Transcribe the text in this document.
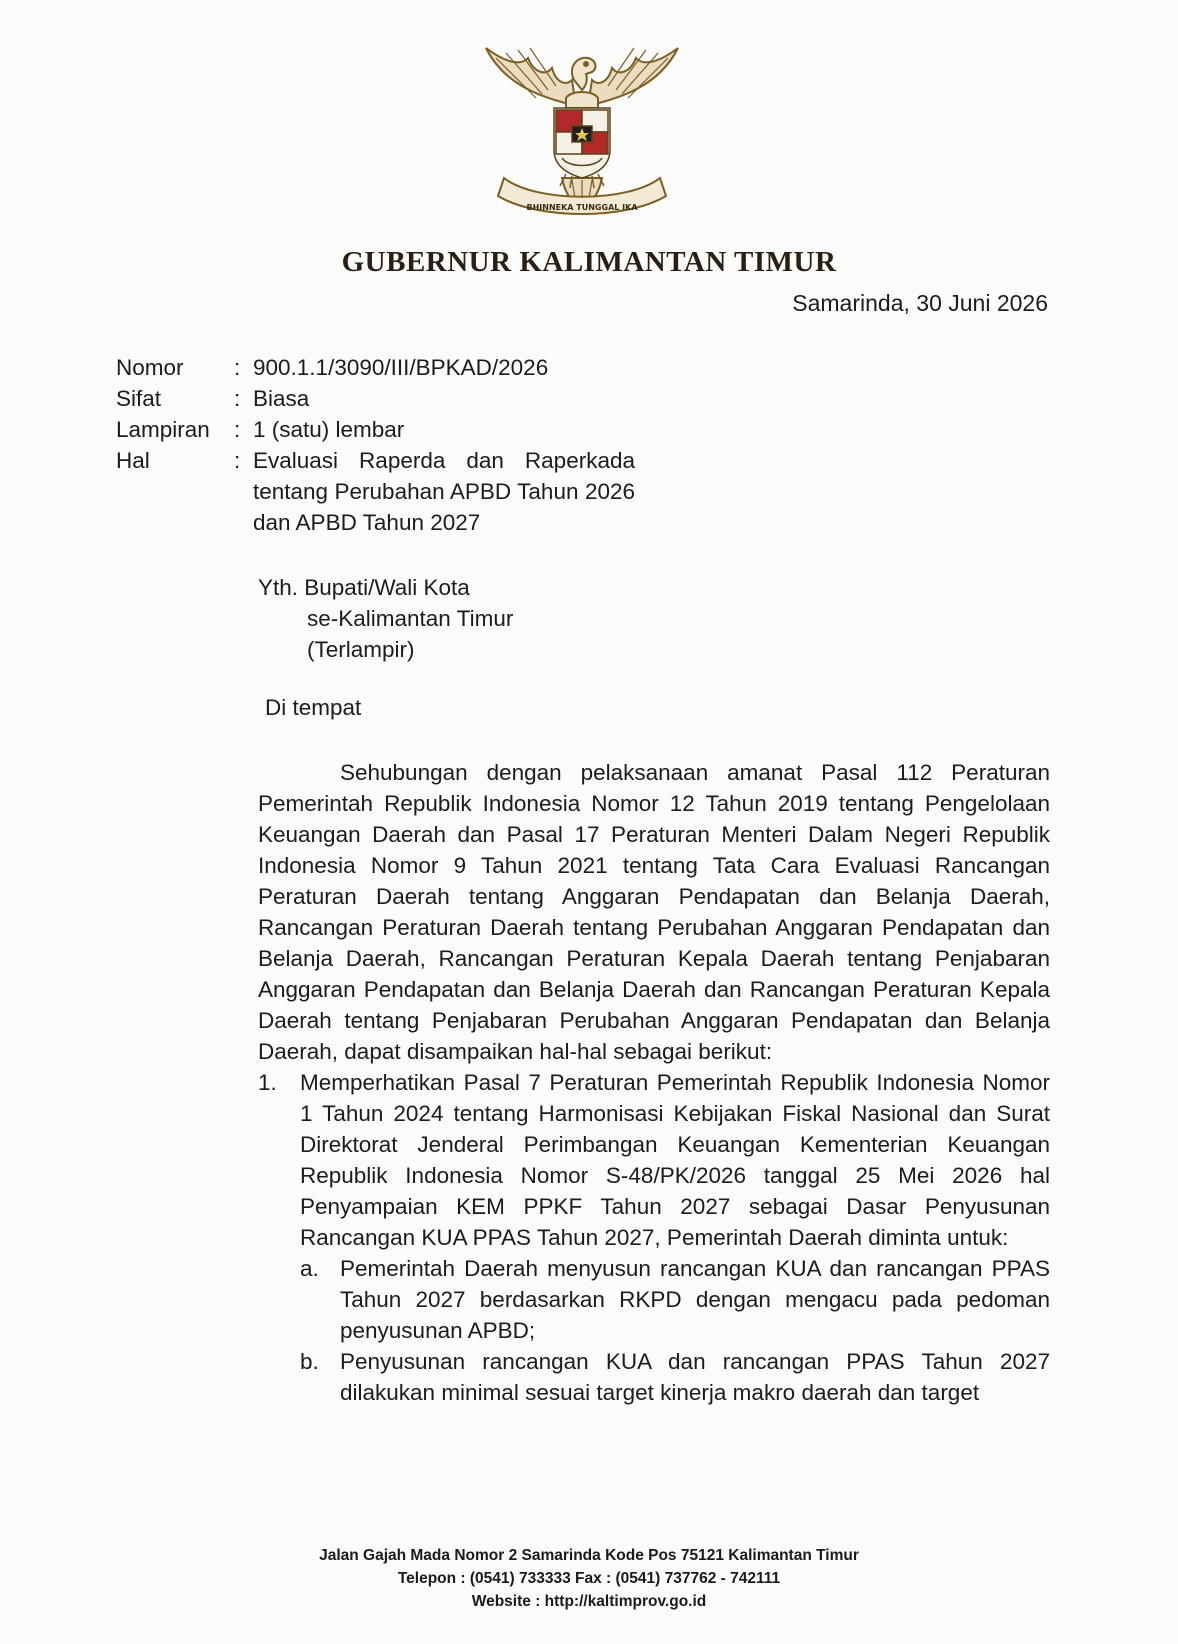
BHINNEKA TUNGGAL IKA
GUBERNUR KALIMANTAN TIMUR
Samarinda, 30 Juni 2026
Nomor	: 900.1.1/3090/III/BPKAD/2026
Sifat	: Biasa
Lampiran	: 1 (satu) lembar
Hal	: Evaluasi Raperda dan Raperkada tentang Perubahan APBD Tahun 2026 dan APBD Tahun 2027
Yth. Bupati/Wali Kota
se-Kalimantan Timur
(Terlampir)
Di tempat

Sehubungan dengan pelaksanaan amanat Pasal 112 Peraturan Pemerintah Republik Indonesia Nomor 12 Tahun 2019 tentang Pengelolaan Keuangan Daerah dan Pasal 17 Peraturan Menteri Dalam Negeri Republik Indonesia Nomor 9 Tahun 2021 tentang Tata Cara Evaluasi Rancangan Peraturan Daerah tentang Anggaran Pendapatan dan Belanja Daerah, Rancangan Peraturan Daerah tentang Perubahan Anggaran Pendapatan dan Belanja Daerah, Rancangan Peraturan Kepala Daerah tentang Penjabaran Anggaran Pendapatan dan Belanja Daerah dan Rancangan Peraturan Kepala Daerah tentang Penjabaran Perubahan Anggaran Pendapatan dan Belanja Daerah, dapat disampaikan hal-hal sebagai berikut:

1.	Memperhatikan Pasal 7 Peraturan Pemerintah Republik Indonesia Nomor 1 Tahun 2024 tentang Harmonisasi Kebijakan Fiskal Nasional dan Surat Direktorat Jenderal Perimbangan Keuangan Kementerian Keuangan Republik Indonesia Nomor S-48/PK/2026 tanggal 25 Mei 2026 hal Penyampaian KEM PPKF Tahun 2027 sebagai Dasar Penyusunan Rancangan KUA PPAS Tahun 2027, Pemerintah Daerah diminta untuk:
a. Pemerintah Daerah menyusun rancangan KUA dan rancangan PPAS Tahun 2027 berdasarkan RKPD dengan mengacu pada pedoman penyusunan APBD;
b. Penyusunan rancangan KUA dan rancangan PPAS Tahun 2027 dilakukan minimal sesuai target kinerja makro daerah dan target
Jalan Gajah Mada Nomor 2 Samarinda Kode Pos 75121 Kalimantan Timur
Telepon : (0541) 733333 Fax : (0541) 737762 - 742111
Website : http://kaltimprov.go.id
